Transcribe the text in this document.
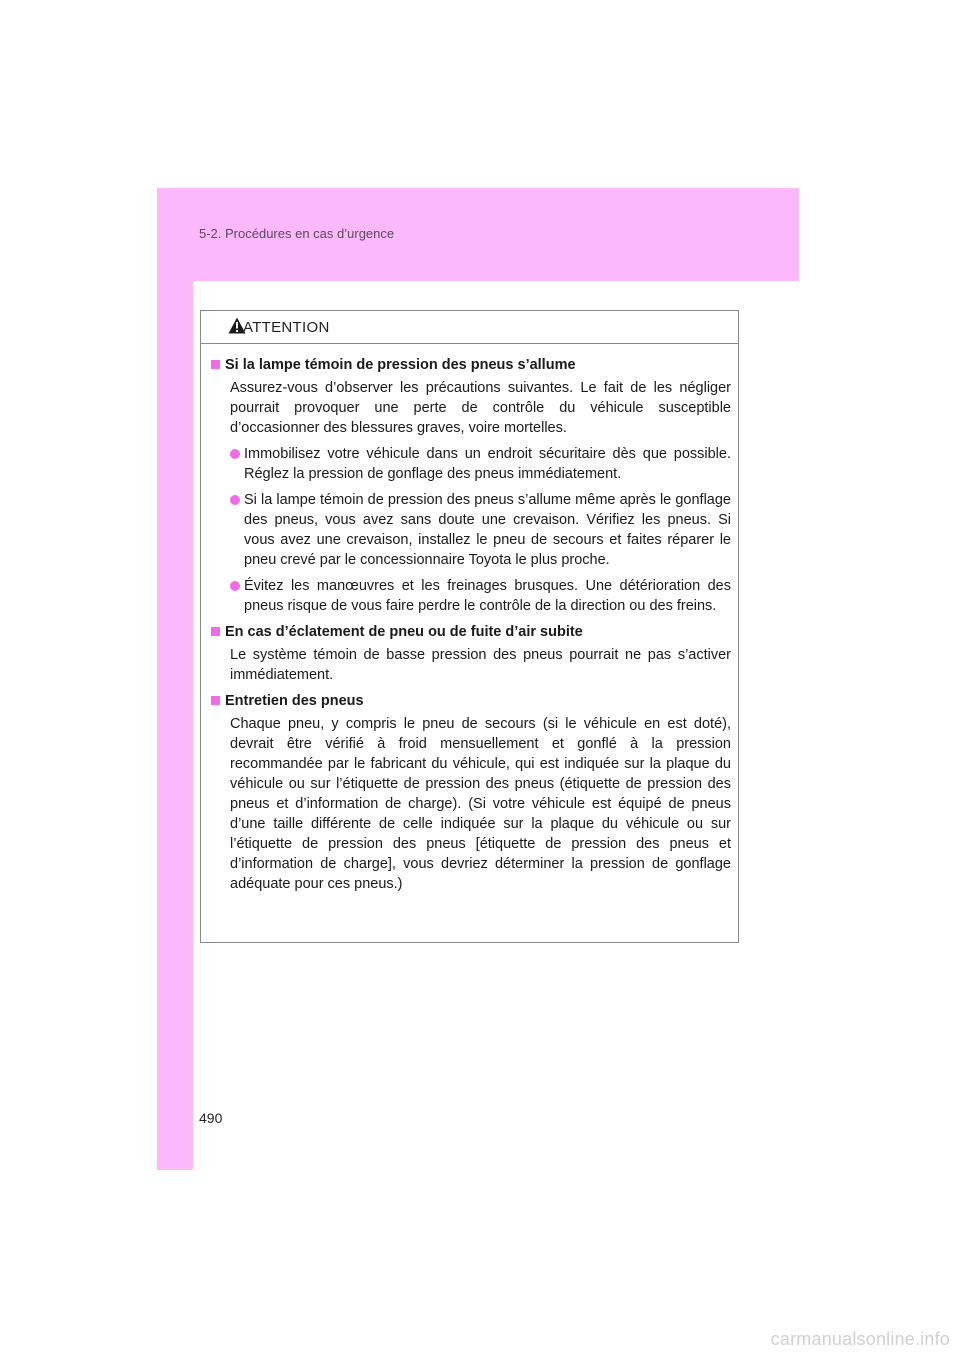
5-2. Procédures en cas d’urgence
ATTENTION
Si la lampe témoin de pression des pneus s’allume

Assurez-vous d’observer les précautions suivantes. Le fait de les négliger pourrait provoquer une perte de contrôle du véhicule susceptible d’occasionner des blessures graves, voire mortelles.

Immobilisez votre véhicule dans un endroit sécuritaire dès que possible. Réglez la pression de gonflage des pneus immédiatement.
Si la lampe témoin de pression des pneus s’allume même après le gonflage des pneus, vous avez sans doute une crevaison. Vérifiez les pneus. Si vous avez une crevaison, installez le pneu de secours et faites réparer le pneu crevé par le concessionnaire Toyota le plus proche.
Évitez les manœuvres et les freinages brusques. Une détérioration des pneus risque de vous faire perdre le contrôle de la direction ou des freins.
En cas d’éclatement de pneu ou de fuite d’air subite

Le système témoin de basse pression des pneus pourrait ne pas s’activer immédiatement.

Entretien des pneus

Chaque pneu, y compris le pneu de secours (si le véhicule en est doté), devrait être vérifié à froid mensuellement et gonflé à la pression recommandée par le fabricant du véhicule, qui est indiquée sur la plaque du véhicule ou sur l’étiquette de pression des pneus (étiquette de pression des pneus et d’information de charge). (Si votre véhicule est équipé de pneus d’une taille différente de celle indiquée sur la plaque du véhicule ou sur l’étiquette de pression des pneus [étiquette de pression des pneus et d’information de charge], vous devriez déterminer la pression de gonflage adéquate pour ces pneus.)

490
carmanualsonline.info
